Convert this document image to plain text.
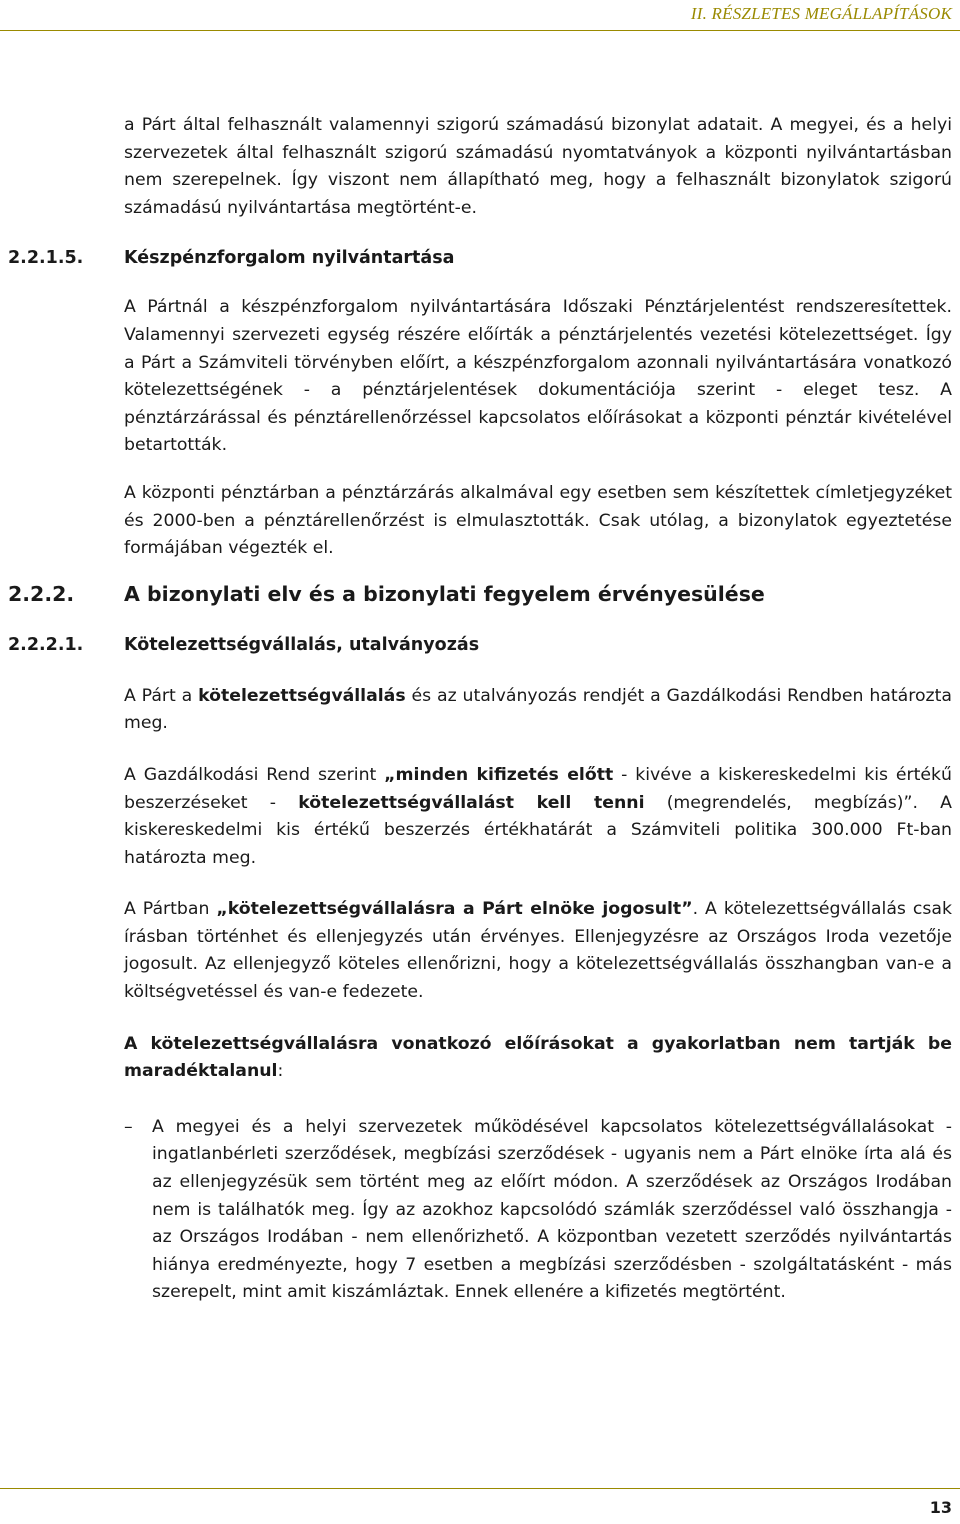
II. RÉSZLETES MEGÁLLAPÍTÁSOK

a Párt által felhasznált valamennyi szigorú számadású bizonylat adatait. A megyei, és a helyi szervezetek által felhasznált szigorú számadású nyomtatványok a központi nyilvántartásban nem szerepelnek. Így viszont nem állapítható meg, hogy a felhasznált bizonylatok szigorú számadású nyilvántartása megtörtént-e.

2.2.1.5. Készpénzforgalom nyilvántartása

A Pártnál a készpénzforgalom nyilvántartására Időszaki Pénztárjelentést rendszeresítettek. Valamennyi szervezeti egység részére előírták a pénztárjelentés vezetési kötelezettséget. Így a Párt a Számviteli törvényben előírt, a készpénzforgalom azonnali nyilvántartására vonatkozó kötelezettségének - a pénztárjelentések dokumentációja szerint - eleget tesz. A pénztárzárással és pénztárellenőrzéssel kapcsolatos előírásokat a központi pénztár kivételével betartották.

A központi pénztárban a pénztárzárás alkalmával egy esetben sem készítettek címletjegyzéket és 2000-ben a pénztárellenőrzést is elmulasztották. Csak utólag, a bizonylatok egyeztetése formájában végezték el.

2.2.2. A bizonylati elv és a bizonylati fegyelem érvényesülése
2.2.2.1. Kötelezettségvállalás, utalványozás

A Párt a kötelezettségvállalás és az utalványozás rendjét a Gazdálkodási Rendben határozta meg.

A Gazdálkodási Rend szerint „minden kifizetés előtt - kivéve a kiskereskedelmi kis értékű beszerzéseket - kötelezettségvállalást kell tenni (megrendelés, megbízás)”. A kiskereskedelmi kis értékű beszerzés értékhatárát a Számviteli politika 300.000 Ft-ban határozta meg.

A Pártban „kötelezettségvállalásra a Párt elnöke jogosult”. A kötelezettségvállalás csak írásban történhet és ellenjegyzés után érvényes. Ellenjegyzésre az Országos Iroda vezetője jogosult. Az ellenjegyző köteles ellenőrizni, hogy a kötelezettségvállalás összhangban van-e a költségvetéssel és van-e fedezete.

A kötelezettségvállalásra vonatkozó előírásokat a gyakorlatban nem tartják be maradéktalanul:

– A megyei és a helyi szervezetek működésével kapcsolatos kötelezettségvállalásokat - ingatlanbérleti szerződések, megbízási szerződések - ugyanis nem a Párt elnöke írta alá és az ellenjegyzésük sem történt meg az előírt módon. A szerződések az Országos Irodában nem is találhatók meg. Így az azokhoz kapcsolódó számlák szerződéssel való összhangja - az Országos Irodában - nem ellenőrizhető. A központban vezetett szerződés nyilvántartás hiánya eredményezte, hogy 7 esetben a megbízási szerződésben - szolgáltatásként - más szerepelt, mint amit kiszámláztak. Ennek ellenére a kifizetés megtörtént.

13
